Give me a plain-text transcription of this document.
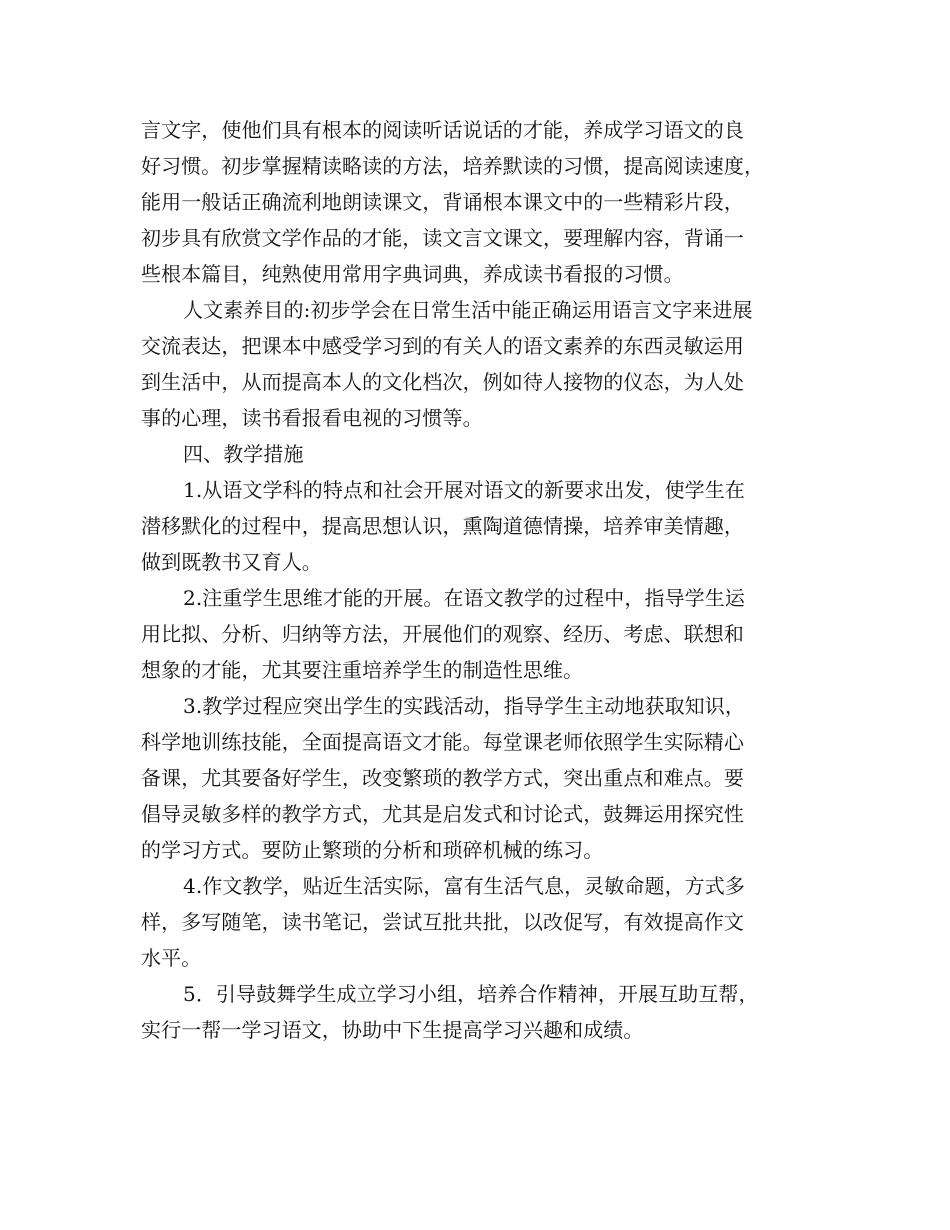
言文字，使他们具有根本的阅读听话说话的才能，养成学习语文的良
好习惯。初步掌握精读略读的方法，培养默读的习惯，提高阅读速度，
能用一般话正确流利地朗读课文，背诵根本课文中的一些精彩片段，
初步具有欣赏文学作品的才能，读文言文课文，要理解内容，背诵一
些根本篇目，纯熟使用常用字典词典，养成读书看报的习惯。
人文素养目的:初步学会在日常生活中能正确运用语言文字来进展
交流表达，把课本中感受学习到的有关人的语文素养的东西灵敏运用
到生活中，从而提高本人的文化档次，例如待人接物的仪态，为人处
事的心理，读书看报看电视的习惯等。
四、教学措施
1.从语文学科的特点和社会开展对语文的新要求出发，使学生在
潜移默化的过程中，提高思想认识，熏陶道德情操，培养审美情趣，
做到既教书又育人。
2.注重学生思维才能的开展。在语文教学的过程中，指导学生运
用比拟、分析、归纳等方法，开展他们的观察、经历、考虑、联想和
想象的才能，尤其要注重培养学生的制造性思维。
3.教学过程应突出学生的实践活动，指导学生主动地获取知识，
科学地训练技能，全面提高语文才能。每堂课老师依照学生实际精心
备课，尤其要备好学生，改变繁琐的教学方式，突出重点和难点。要
倡导灵敏多样的教学方式，尤其是启发式和讨论式，鼓舞运用探究性
的学习方式。要防止繁琐的分析和琐碎机械的练习。
4.作文教学，贴近生活实际，富有生活气息，灵敏命题，方式多
样，多写随笔，读书笔记，尝试互批共批，以改促写，有效提高作文
水平。
5．引导鼓舞学生成立学习小组，培养合作精神，开展互助互帮，
实行一帮一学习语文，协助中下生提高学习兴趣和成绩。
